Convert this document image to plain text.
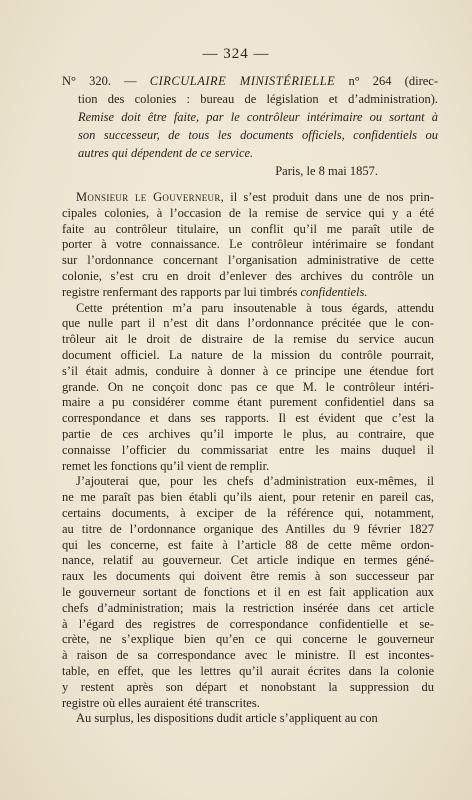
— 324 —
N° 320. — CIRCULAIRE MINISTÉRIELLE n° 264 (direc-
tion des colonies : bureau de législation et d’administration).
Remise doit être faite, par le contrôleur intérimaire ou sortant à
son successeur, de tous les documents officiels, confidentiels ou
autres qui dépendent de ce service.
Paris, le 8 mai 1857.
Monsieur le Gouverneur, il s’est produit dans une de nos prin-
cipales colonies, à l’occasion de la remise de service qui y a été
faite au contrôleur titulaire, un conflit qu’il me paraît utile de
porter à votre connaissance. Le contrôleur intérimaire se fondant
sur l’ordonnance concernant l’organisation administrative de cette
colonie, s’est cru en droit d’enlever des archives du contrôle un
registre renfermant des rapports par lui timbrés confidentiels.
Cette prétention m’a paru insoutenable à tous égards, attendu
que nulle part il n’est dit dans l’ordonnance précitée que le con-
trôleur ait le droit de distraire de la remise du service aucun
document officiel. La nature de la mission du contrôle pourrait,
s’il était admis, conduire à donner à ce principe une étendue fort
grande. On ne conçoit donc pas ce que M. le contrôleur intéri-
maire a pu considérer comme étant purement confidentiel dans sa
correspondance et dans ses rapports. Il est évident que c’est la
partie de ces archives qu’il importe le plus, au contraire, que
connaisse l’officier du commissariat entre les mains duquel il
remet les fonctions qu’il vient de remplir.
J’ajouterai que, pour les chefs d’administration eux-mêmes, il
ne me paraît pas bien établi qu’ils aient, pour retenir en pareil cas,
certains documents, à exciper de la référence qui, notamment,
au titre de l’ordonnance organique des Antilles du 9 février 1827
qui les concerne, est faite à l’article 88 de cette même ordon-
nance, relatif au gouverneur. Cet article indique en termes géné-
raux les documents qui doivent être remis à son successeur par
le gouverneur sortant de fonctions et il en est fait application aux
chefs d’administration; mais la restriction insérée dans cet article
à l’égard des registres de correspondance confidentielle et se-
crète, ne s’explique bien qu’en ce qui concerne le gouverneur
à raison de sa correspondance avec le ministre. Il est incontes-
table, en effet, que les lettres qu’il aurait écrites dans la colonie
y restent après son départ et nonobstant la suppression du
registre où elles auraient été transcrites.
Au surplus, les dispositions dudit article s’appliquent au con
